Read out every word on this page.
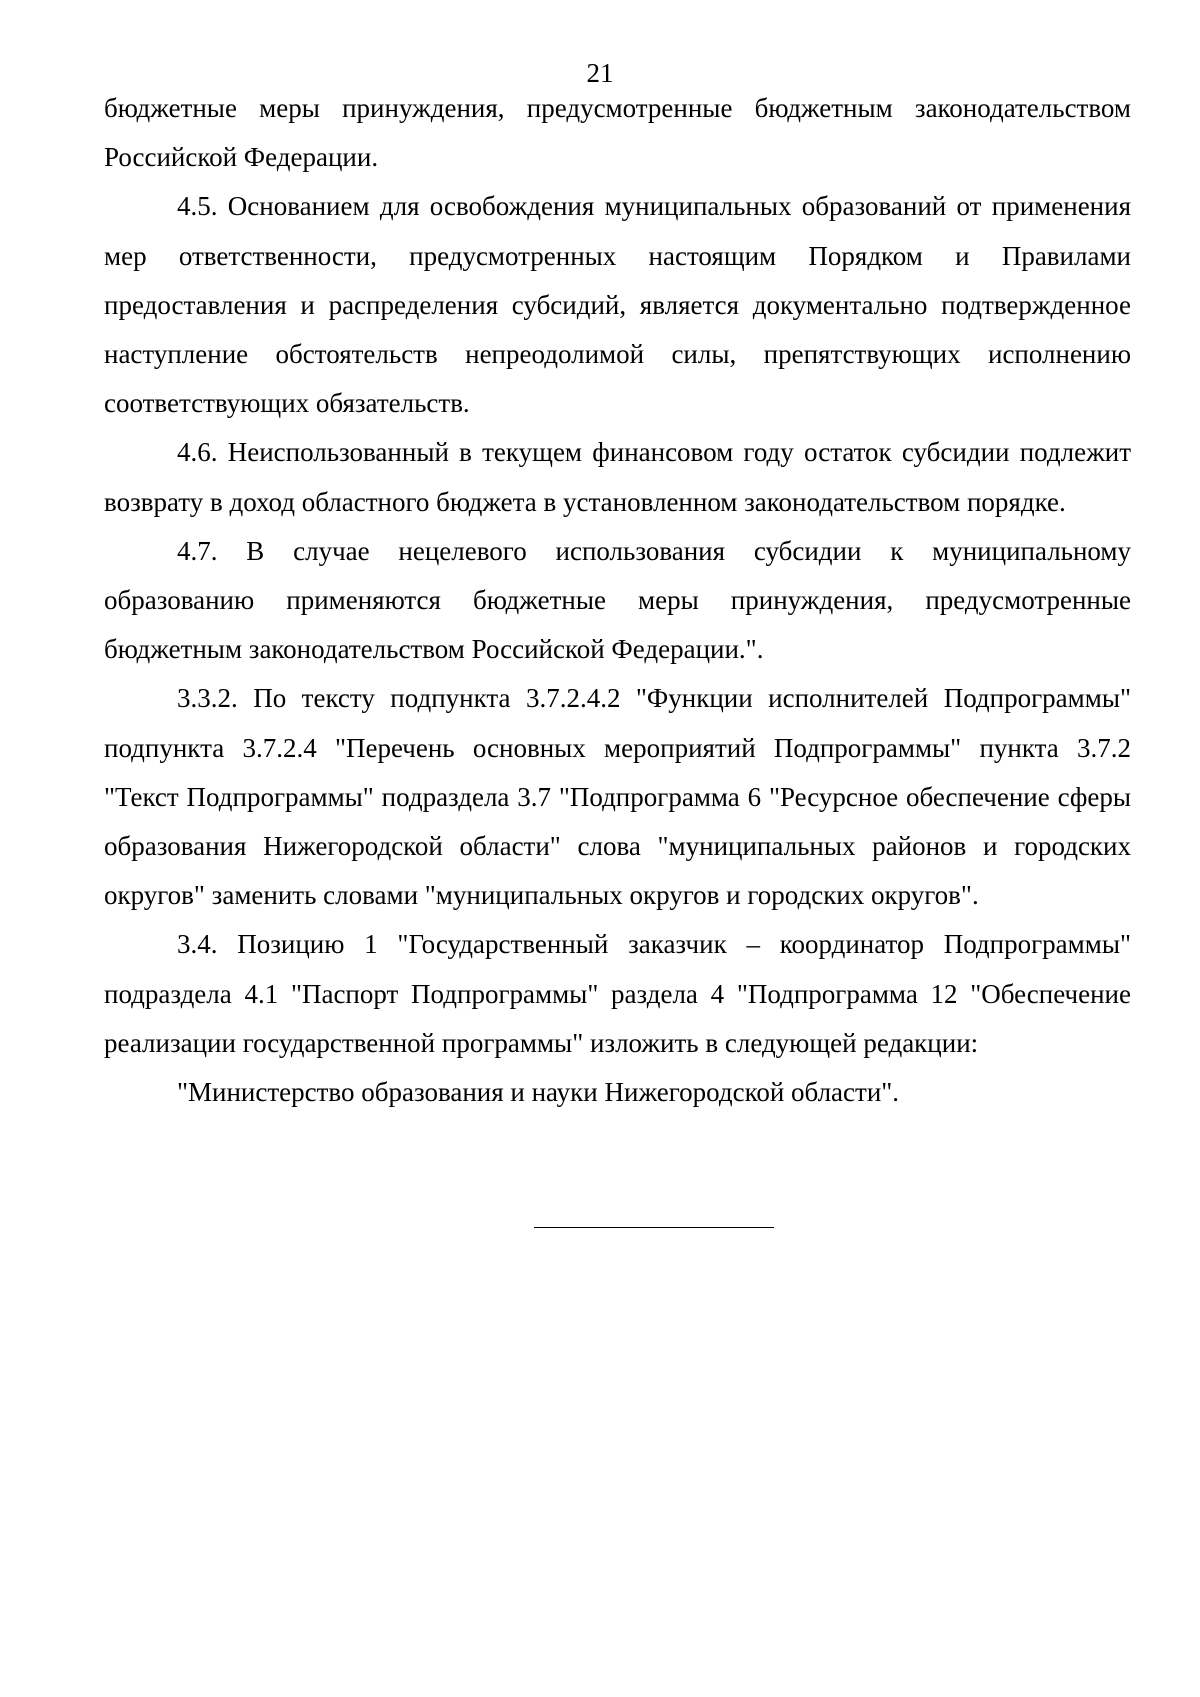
21

бюджетные меры принуждения, предусмотренные бюджетным законодательством Российской Федерации.

4.5. Основанием для освобождения муниципальных образований от применения мер ответственности, предусмотренных настоящим Порядком и Правилами предоставления и распределения субсидий, является документально подтвержденное наступление обстоятельств непреодолимой силы, препятствующих исполнению соответствующих обязательств.

4.6. Неиспользованный в текущем финансовом году остаток субсидии подлежит возврату в доход областного бюджета в установленном законодательством порядке.

4.7. В случае нецелевого использования субсидии к муниципальному образованию применяются бюджетные меры принуждения, предусмотренные бюджетным законодательством Российской Федерации.".

3.3.2. По тексту подпункта 3.7.2.4.2 "Функции исполнителей Подпрограммы" подпункта 3.7.2.4 "Перечень основных мероприятий Подпрограммы" пункта 3.7.2 "Текст Подпрограммы" подраздела 3.7 "Подпрограмма 6 "Ресурсное обеспечение сферы образования Нижегородской области" слова "муниципальных районов и городских округов" заменить словами "муниципальных округов и городских округов".

3.4. Позицию 1 "Государственный заказчик – координатор Подпрограммы" подраздела 4.1 "Паспорт Подпрограммы" раздела 4 "Подпрограмма 12 "Обеспечение реализации государственной программы" изложить в следующей редакции:

"Министерство образования и науки Нижегородской области".
